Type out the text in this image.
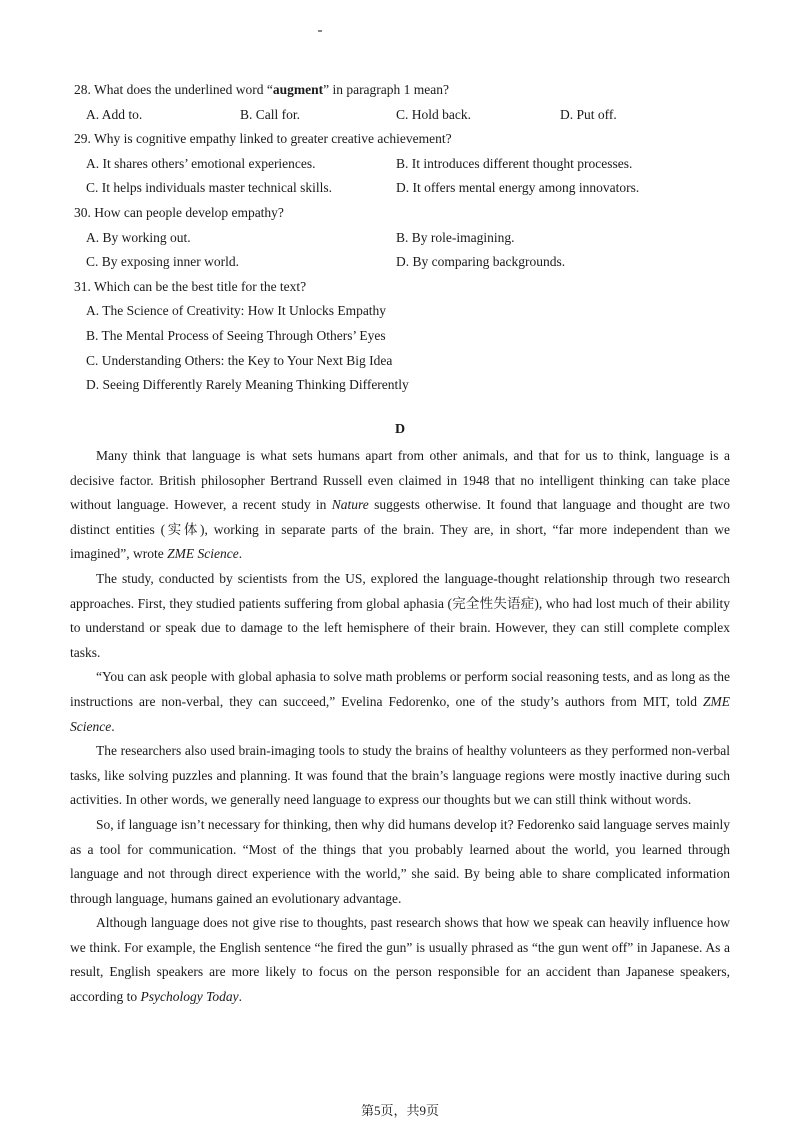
28. What does the underlined word “augment” in paragraph 1 mean?
A. Add to.	B. Call for.	C. Hold back.	D. Put off.
29. Why is cognitive empathy linked to greater creative achievement?
A. It shares others’ emotional experiences.	B. It introduces different thought processes.
C. It helps individuals master technical skills.	D. It offers mental energy among innovators.
30. How can people develop empathy?
A. By working out.	B. By role-imagining.
C. By exposing inner world.	D. By comparing backgrounds.
31. Which can be the best title for the text?
A. The Science of Creativity: How It Unlocks Empathy
B. The Mental Process of Seeing Through Others’ Eyes
C. Understanding Others: the Key to Your Next Big Idea
D. Seeing Differently Rarely Meaning Thinking Differently
D

Many think that language is what sets humans apart from other animals, and that for us to think, language is a decisive factor. British philosopher Bertrand Russell even claimed in 1948 that no intelligent thinking can take place without language. However, a recent study in Nature suggests otherwise. It found that language and thought are two distinct entities (实体), working in separate parts of the brain. They are, in short, “far more independent than we imagined”, wrote ZME Science.

The study, conducted by scientists from the US, explored the language-thought relationship through two research approaches. First, they studied patients suffering from global aphasia (完全性失语症), who had lost much of their ability to understand or speak due to damage to the left hemisphere of their brain. However, they can still complete complex tasks.

“You can ask people with global aphasia to solve math problems or perform social reasoning tests, and as long as the instructions are non-verbal, they can succeed,” Evelina Fedorenko, one of the study’s authors from MIT, told ZME Science.

The researchers also used brain-imaging tools to study the brains of healthy volunteers as they performed non-verbal tasks, like solving puzzles and planning. It was found that the brain’s language regions were mostly inactive during such activities. In other words, we generally need language to express our thoughts but we can still think without words.

So, if language isn’t necessary for thinking, then why did humans develop it? Fedorenko said language serves mainly as a tool for communication. “Most of the things that you probably learned about the world, you learned through language and not through direct experience with the world,” she said. By being able to share complicated information through language, humans gained an evolutionary advantage.

Although language does not give rise to thoughts, past research shows that how we speak can heavily influence how we think. For example, the English sentence “he fired the gun” is usually phrased as “the gun went off” in Japanese. As a result, English speakers are more likely to focus on the person responsible for an accident than Japanese speakers, according to Psychology Today.

第5页，共9页
